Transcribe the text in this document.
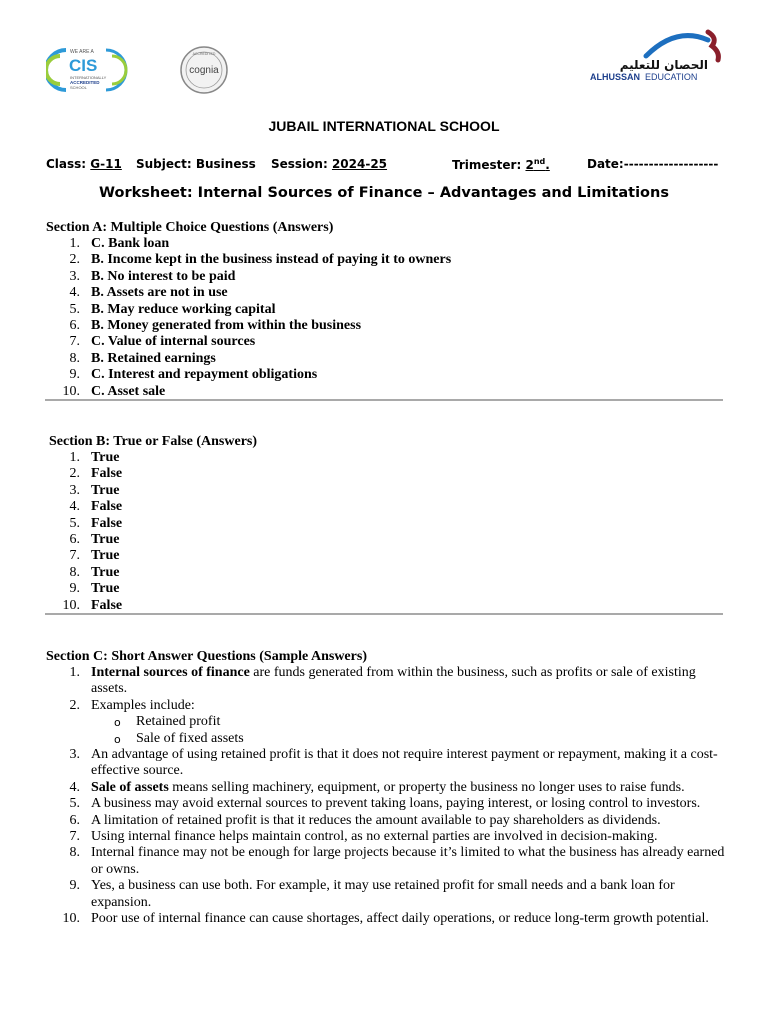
WE ARE A
CIS
INTERNATIONALLY
ACCREDITED
SCHOOL
ACCREDITED
cognia	الحصان للتعليم
ALHUSSAN EDUCATION
JUBAIL INTERNATIONAL SCHOOL
Class: G-11 Subject: Business Session: 2024-25	Trimester: 2nd.	Date:-------------------
Worksheet: Internal Sources of Finance – Advantages and Limitations
Section A: Multiple Choice Questions (Answers)
1. C. Bank loan
2. B. Income kept in the business instead of paying it to owners
3. B. No interest to be paid
4. B. Assets are not in use
5. B. May reduce working capital
6. B. Money generated from within the business
7. C. Value of internal sources
8. B. Retained earnings
9. C. Interest and repayment obligations
10. C. Asset sale
Section B: True or False (Answers)
1. True
2. False
3. True
4. False
5. False
6. True
7. True
8. True
9. True
10. False
Section C: Short Answer Questions (Sample Answers)
1. Internal sources of finance are funds generated from within the business, such as profits or sale of existing assets.
2. Examples include:
o Retained profit
o Sale of fixed assets
3. An advantage of using retained profit is that it does not require interest payment or repayment, making it a cost-effective source.
4. Sale of assets means selling machinery, equipment, or property the business no longer uses to raise funds.
5. A business may avoid external sources to prevent taking loans, paying interest, or losing control to investors.
6. A limitation of retained profit is that it reduces the amount available to pay shareholders as dividends.
7. Using internal finance helps maintain control, as no external parties are involved in decision-making.
8. Internal finance may not be enough for large projects because it’s limited to what the business has already earned or owns.
9. Yes, a business can use both. For example, it may use retained profit for small needs and a bank loan for expansion.
10. Poor use of internal finance can cause shortages, affect daily operations, or reduce long-term growth potential.
